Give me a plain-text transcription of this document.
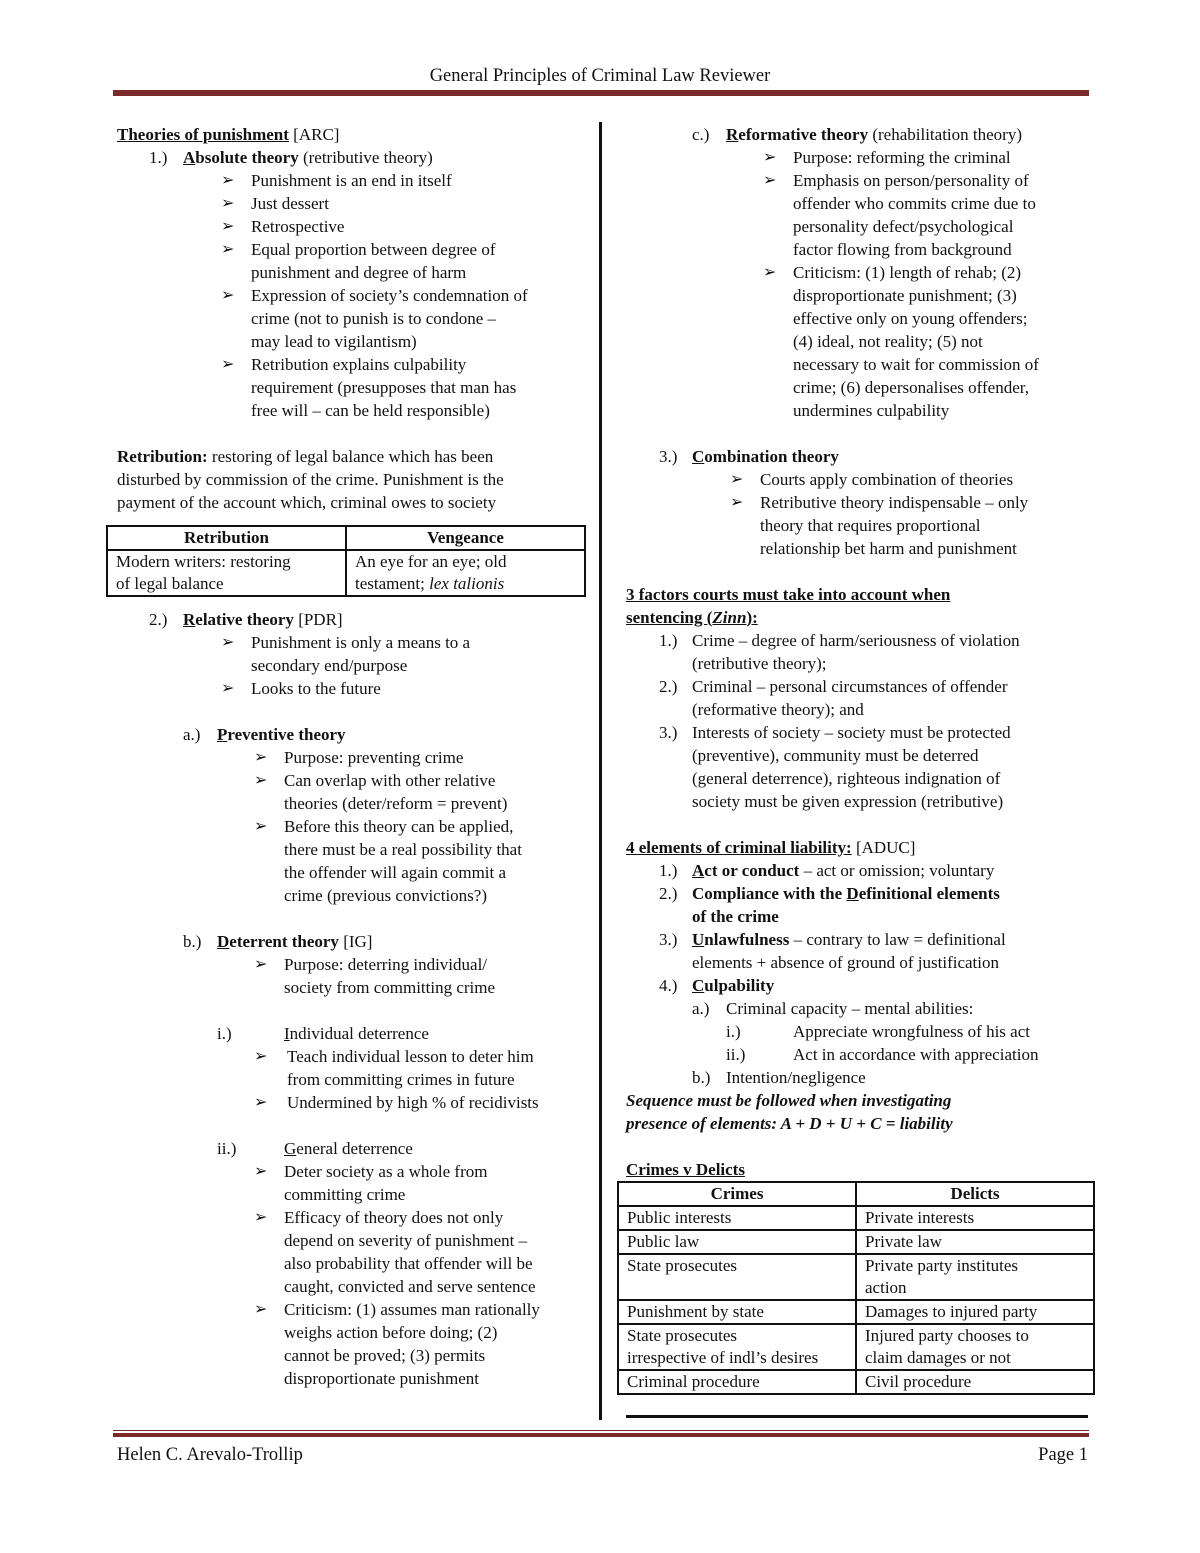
General Principles of Criminal Law Reviewer

Theories of punishment [ARC]

1.) Absolute theory (retributive theory)

➢ Punishment is an end in itself

➢ Just dessert

➢ Retrospective

➢ Equal proportion between degree of

punishment and degree of harm

➢ Expression of society’s condemnation of

crime (not to punish is to condone –

may lead to vigilantism)

➢ Retribution explains culpability

requirement (presupposes that man has

free will – can be held responsible)

Retribution: restoring of legal balance which has been

disturbed by commission of the crime. Punishment is the

payment of the account which, criminal owes to society

Retribution	Vengeance
Modern writers: restoring
of legal balance	An eye for an eye; old
testament; lex talionis

2.) Relative theory [PDR]

➢ Punishment is only a means to a

secondary end/purpose

➢ Looks to the future

a.) Preventive theory

➢ Purpose: preventing crime

➢ Can overlap with other relative

theories (deter/reform = prevent)

➢ Before this theory can be applied,

there must be a real possibility that

the offender will again commit a

crime (previous convictions?)

b.) Deterrent theory [IG]

➢ Purpose: deterring individual/

society from committing crime

i.)	Individual deterrence

➢ Teach individual lesson to deter him

from committing crimes in future

➢ Undermined by high % of recidivists

ii.)	General deterrence

➢ Deter society as a whole from

committing crime

➢ Efficacy of theory does not only

depend on severity of punishment –

also probability that offender will be

caught, convicted and serve sentence

➢ Criticism: (1) assumes man rationally

weighs action before doing; (2)

cannot be proved; (3) permits

disproportionate punishment

c.) Reformative theory (rehabilitation theory)

➢ Purpose: reforming the criminal

➢ Emphasis on person/personality of

offender who commits crime due to

personality defect/psychological

factor flowing from background

➢ Criticism: (1) length of rehab; (2)

disproportionate punishment; (3)

effective only on young offenders;

(4) ideal, not reality; (5) not

necessary to wait for commission of

crime; (6) depersonalises offender,

undermines culpability

3.) Combination theory

➢ Courts apply combination of theories

➢ Retributive theory indispensable – only

theory that requires proportional

relationship bet harm and punishment

3 factors courts must take into account when

sentencing (Zinn):

1.) Crime – degree of harm/seriousness of violation

(retributive theory);

2.) Criminal – personal circumstances of offender

(reformative theory); and

3.) Interests of society – society must be protected

(preventive), community must be deterred

(general deterrence), righteous indignation of

society must be given expression (retributive)

4 elements of criminal liability: [ADUC]

1.) Act or conduct – act or omission; voluntary

2.) Compliance with the Definitional elements

of the crime

3.) Unlawfulness – contrary to law = definitional

elements + absence of ground of justification

4.) Culpability

a.) Criminal capacity – mental abilities:

i.)	Appreciate wrongfulness of his act

ii.)	Act in accordance with appreciation

b.) Intention/negligence

Sequence must be followed when investigating

presence of elements: A + D + U + C = liability

Crimes v Delicts

Crimes	Delicts
Public interests	Private interests
Public law	Private law
State prosecutes	Private party institutes
action
Punishment by state	Damages to injured party
State prosecutes
irrespective of indl’s desires	Injured party chooses to
claim damages or not
Criminal procedure	Civil procedure
Helen C. Arevalo-Trollip	Page 1
